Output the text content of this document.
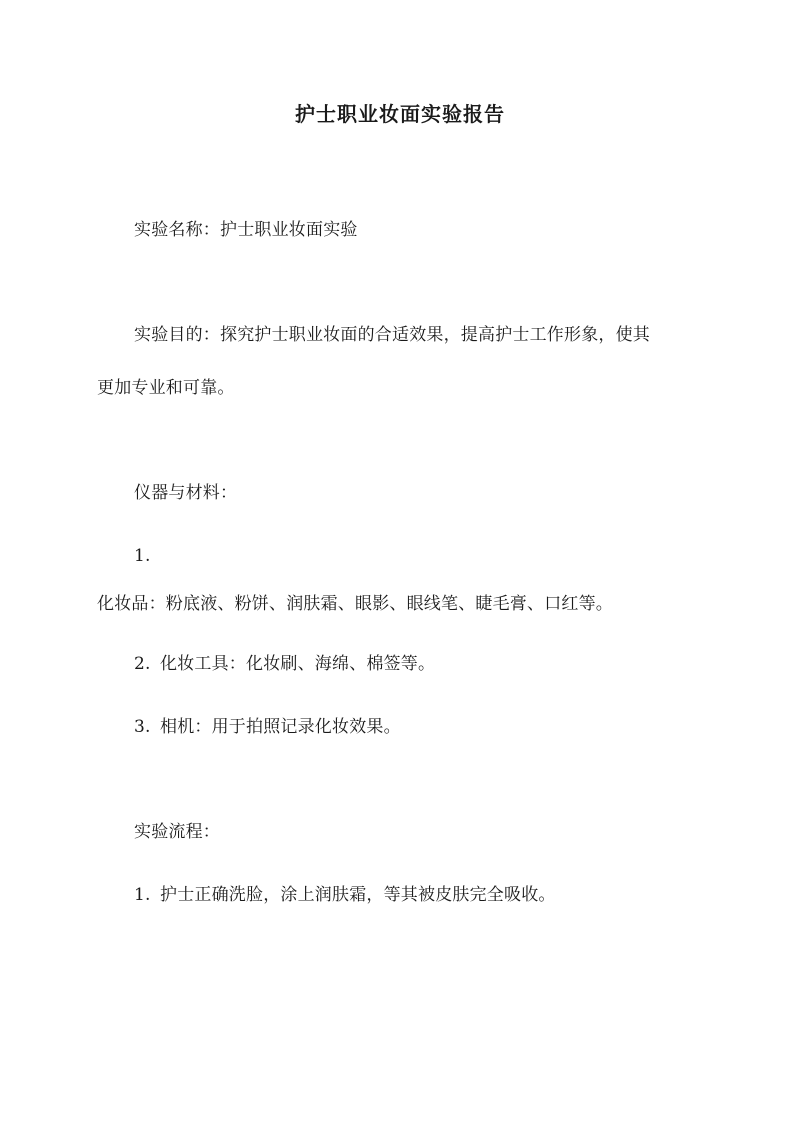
护士职业妆面实验报告
实验名称：护士职业妆面实验
实验目的：探究护士职业妆面的合适效果，提高护士工作形象，使其
更加专业和可靠。
仪器与材料：
1.
化妆品：粉底液、粉饼、润肤霜、眼影、眼线笔、睫毛膏、口红等。
2. 化妆工具：化妆刷、海绵、棉签等。
3. 相机：用于拍照记录化妆效果。
实验流程：
1. 护士正确洗脸，涂上润肤霜，等其被皮肤完全吸收。
